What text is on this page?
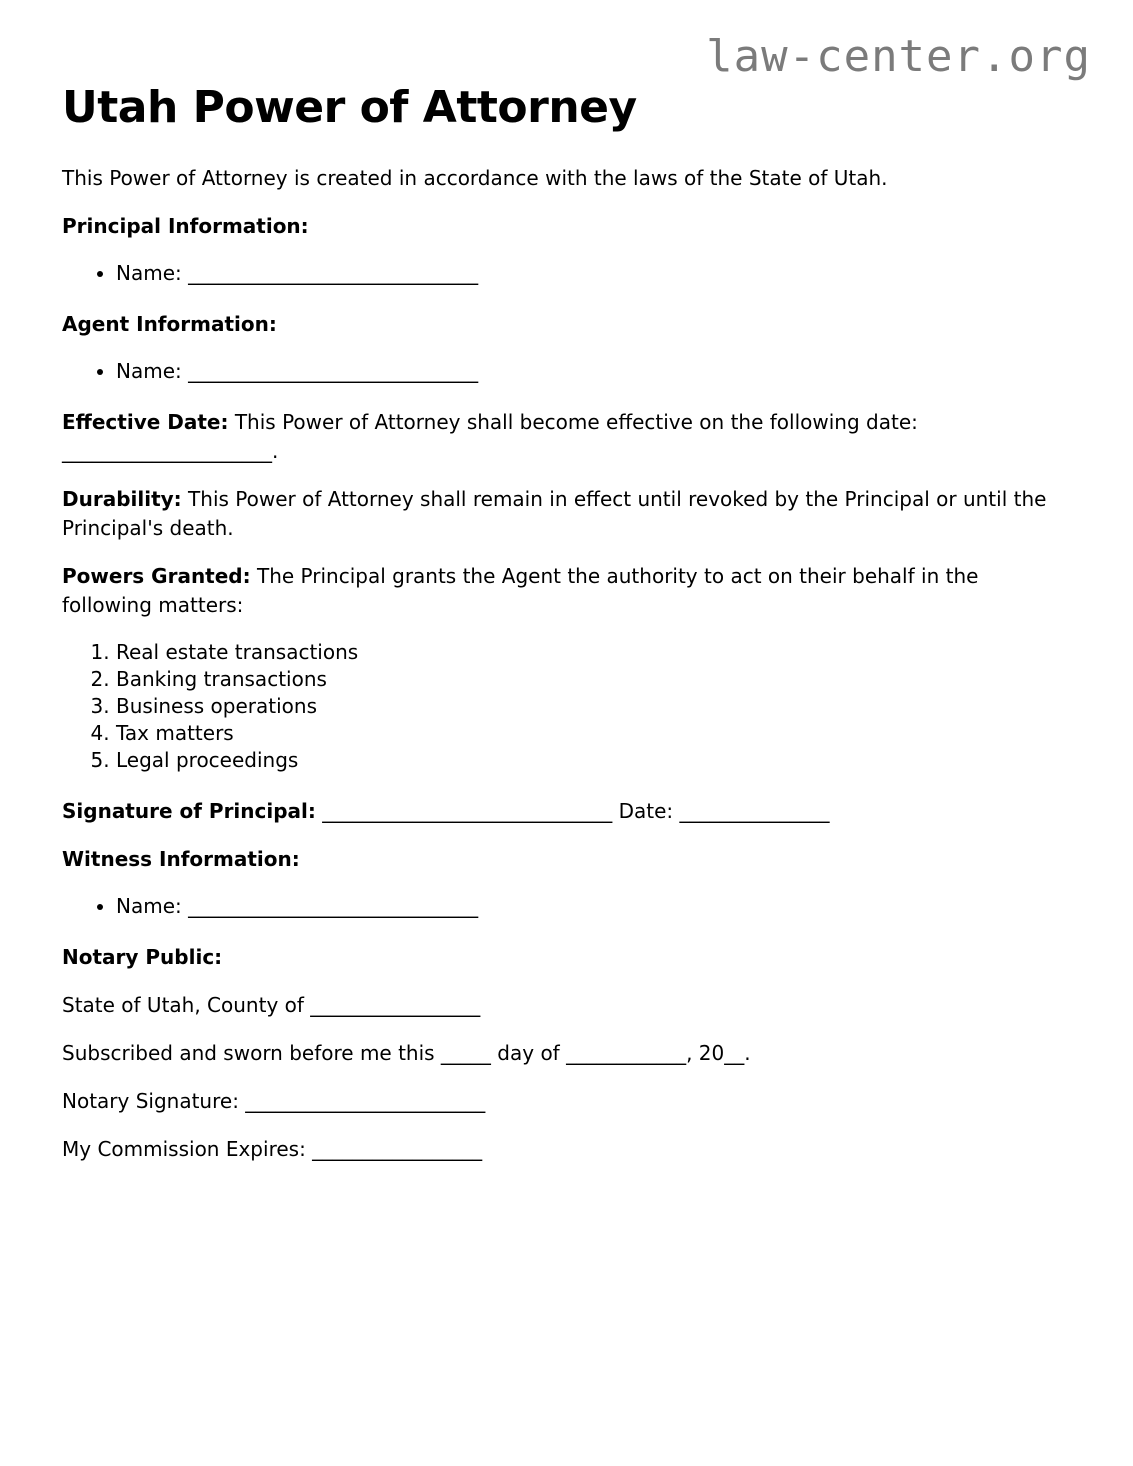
law-center.org
Utah Power of Attorney

This Power of Attorney is created in accordance with the laws of the State of Utah.

Principal Information:
• Name: _____________________________
Agent Information:
• Name: _____________________________

Effective Date: This Power of Attorney shall become effective on the following date: _____________________.

Durability: This Power of Attorney shall remain in effect until revoked by the Principal or until the Principal's death.

Powers Granted: The Principal grants the Agent the authority to act on their behalf in the following matters:

1. Real estate transactions
2. Banking transactions
3. Business operations
4. Tax matters
5. Legal proceedings

Signature of Principal: _____________________________ Date: _______________

Witness Information:
• Name: _____________________________
Notary Public:

State of Utah, County of _________________

Subscribed and sworn before me this _____ day of ____________, 20__.

Notary Signature: ________________________

My Commission Expires: _________________
